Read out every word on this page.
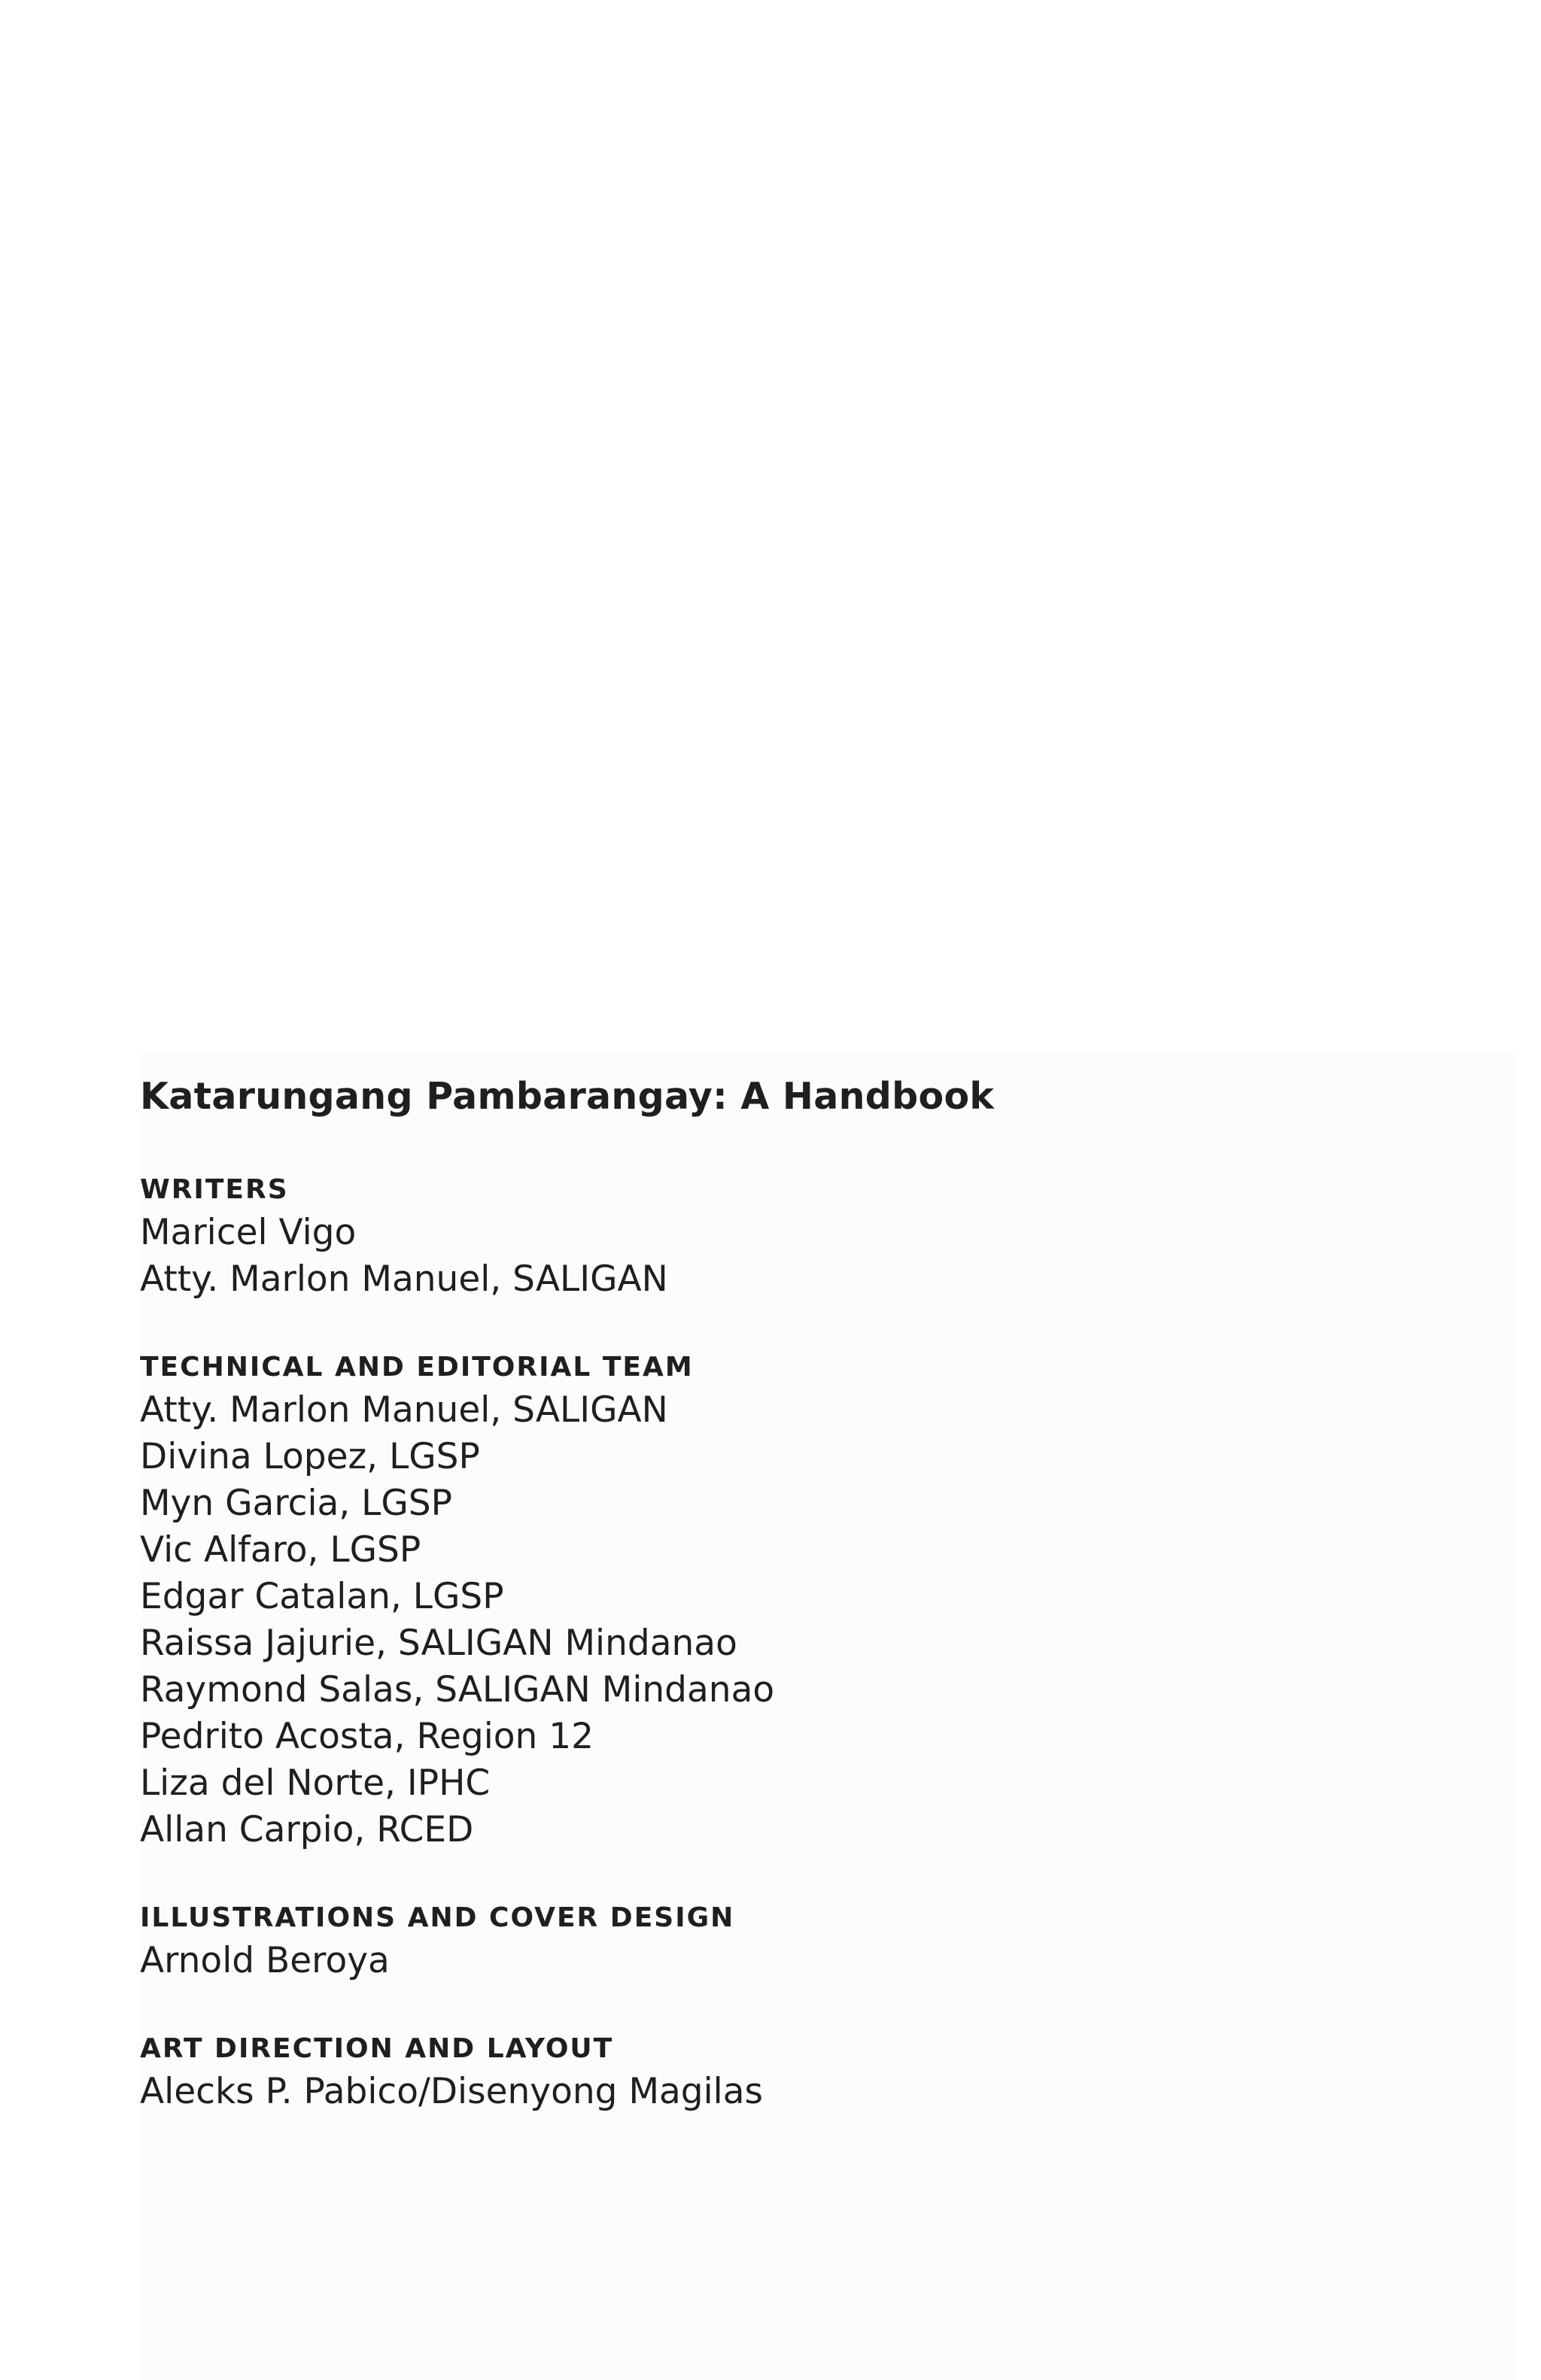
Katarungang Pambarangay: A Handbook
WRITERS
Maricel Vigo
Atty. Marlon Manuel, SALIGAN
TECHNICAL AND EDITORIAL TEAM
Atty. Marlon Manuel, SALIGAN
Divina Lopez, LGSP
Myn Garcia, LGSP
Vic Alfaro, LGSP
Edgar Catalan, LGSP
Raissa Jajurie, SALIGAN Mindanao
Raymond Salas, SALIGAN Mindanao
Pedrito Acosta, Region 12
Liza del Norte, IPHC
Allan Carpio, RCED
ILLUSTRATIONS AND COVER DESIGN
Arnold Beroya
ART DIRECTION AND LAYOUT
Alecks P. Pabico/Disenyong Magilas
